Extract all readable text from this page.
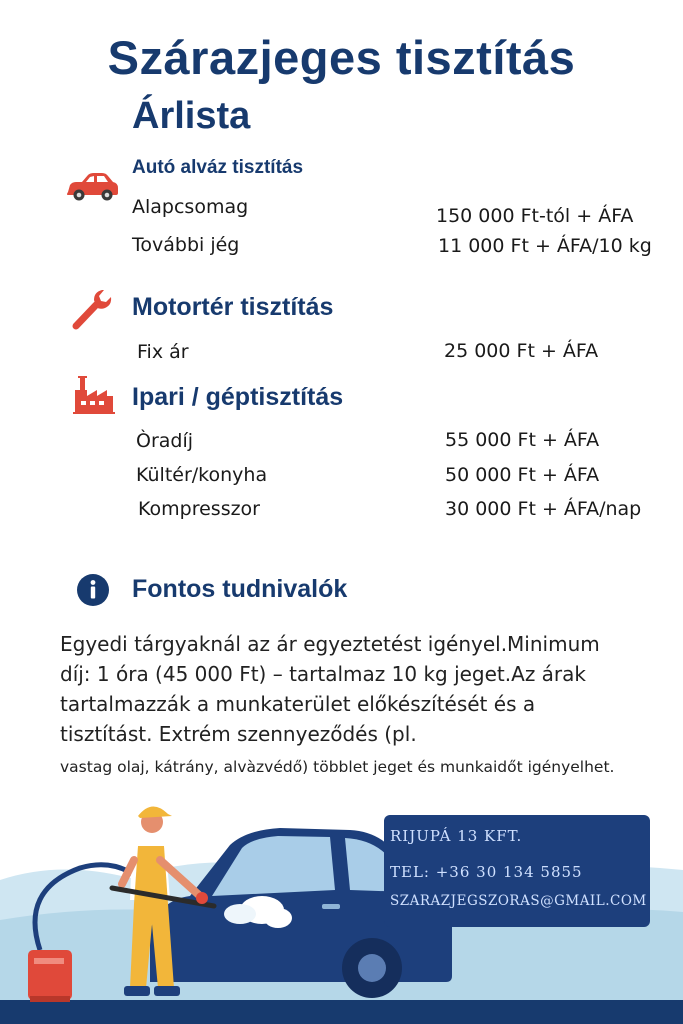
Szárazjeges tisztítás
Árlista
Autó alváz tisztítás
Alapcsomag	150 000 Ft-tól + ÁFA
További jég	11 000 Ft + ÁFA/10 kg
Motortér tisztítás
Fix ár	25 000 Ft + ÁFA
Ipari / géptisztítás
Òradíj	55 000 Ft + ÁFA
Kültér/konyha	50 000 Ft + ÁFA
Kompresszor	30 000 Ft + ÁFA/nap
Fontos tudnivalók
Egyedi tárgyaknál az ár egyeztetést igényel.Minimum díj: 1 óra (45 000 Ft) – tartalmaz 10 kg jeget.Az árak tartalmazzák a munkaterület előkészítését és a tisztítást. Extrém szennyeződés (pl.
vastag olaj, kátrány, alvàzvédő) többlet jeget és munkaidőt igényelhet.
RIJUPÁ 13 KFT.
TEL: +36 30 134 5855
SZARAZJEGSZORAS@GMAIL.COM
